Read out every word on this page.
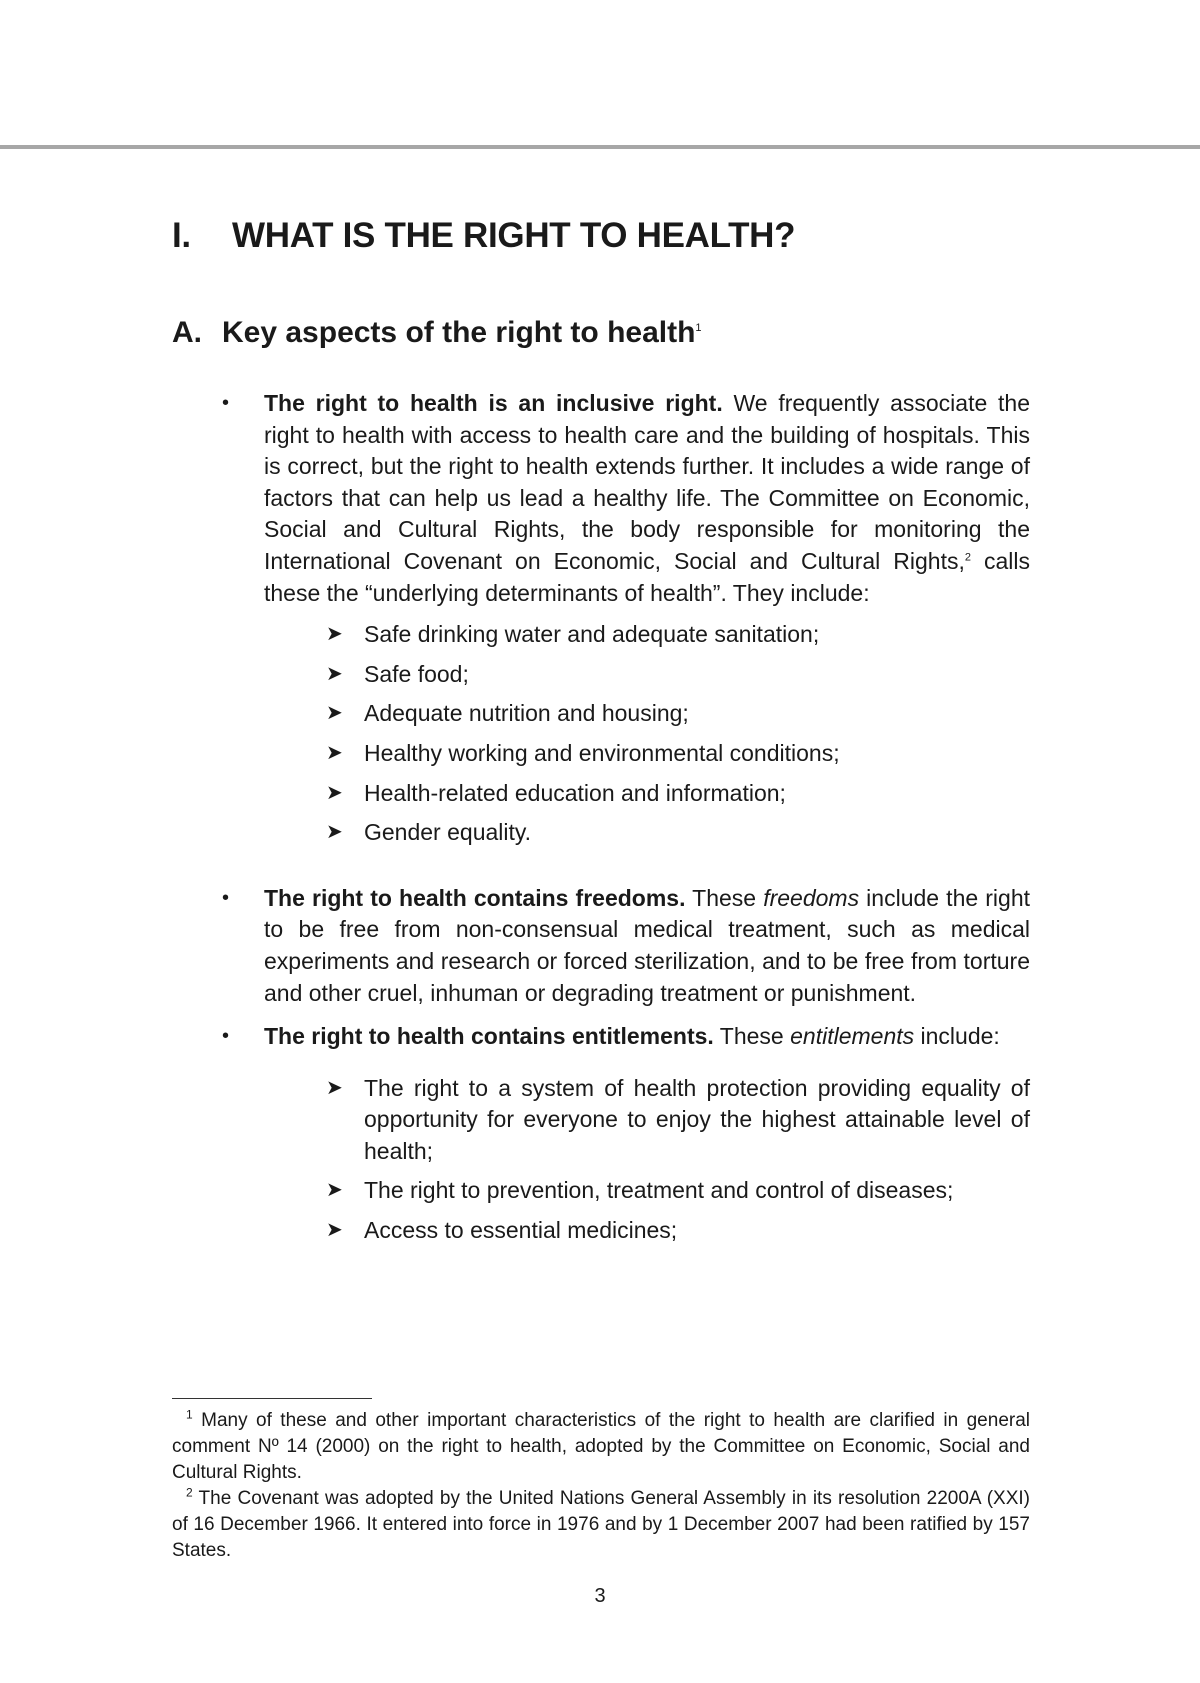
I. WHAT IS THE RIGHT TO HEALTH?
A. Key aspects of the right to health$^1$
• The right to health is an inclusive right. We frequently associate the right to health with access to health care and the building of hospitals. This is correct, but the right to health extends further. It includes a wide range of factors that can help us lead a healthy life. The Committee on Economic, Social and Cultural Rights, the body responsible for monitoring the International Covenant on Economic, Social and Cultural Rights,$^2$ calls these the “underlying determinants of health”. They include:
➤ Safe drinking water and adequate sanitation;
➤ Safe food;
➤ Adequate nutrition and housing;
➤ Healthy working and environmental conditions;
➤ Health-related education and information;
➤ Gender equality.
• The right to health contains freedoms. These freedoms include the right to be free from non-consensual medical treatment, such as medical experiments and research or forced sterilization, and to be free from torture and other cruel, inhuman or degrading treatment or punishment.
• The right to health contains entitlements. These entitlements include:
➤ The right to a system of health protection providing equality of opportunity for everyone to enjoy the highest attainable level of health;
➤ The right to prevention, treatment and control of diseases;
➤ Access to essential medicines;

$^1$ Many of these and other important characteristics of the right to health are clarified in general comment Nº 14 (2000) on the right to health, adopted by the Committee on Economic, Social and Cultural Rights.

$^2$ The Covenant was adopted by the United Nations General Assembly in its resolution 2200A (XXI) of 16 December 1966. It entered into force in 1976 and by 1 December 2007 had been ratified by 157 States.

3
